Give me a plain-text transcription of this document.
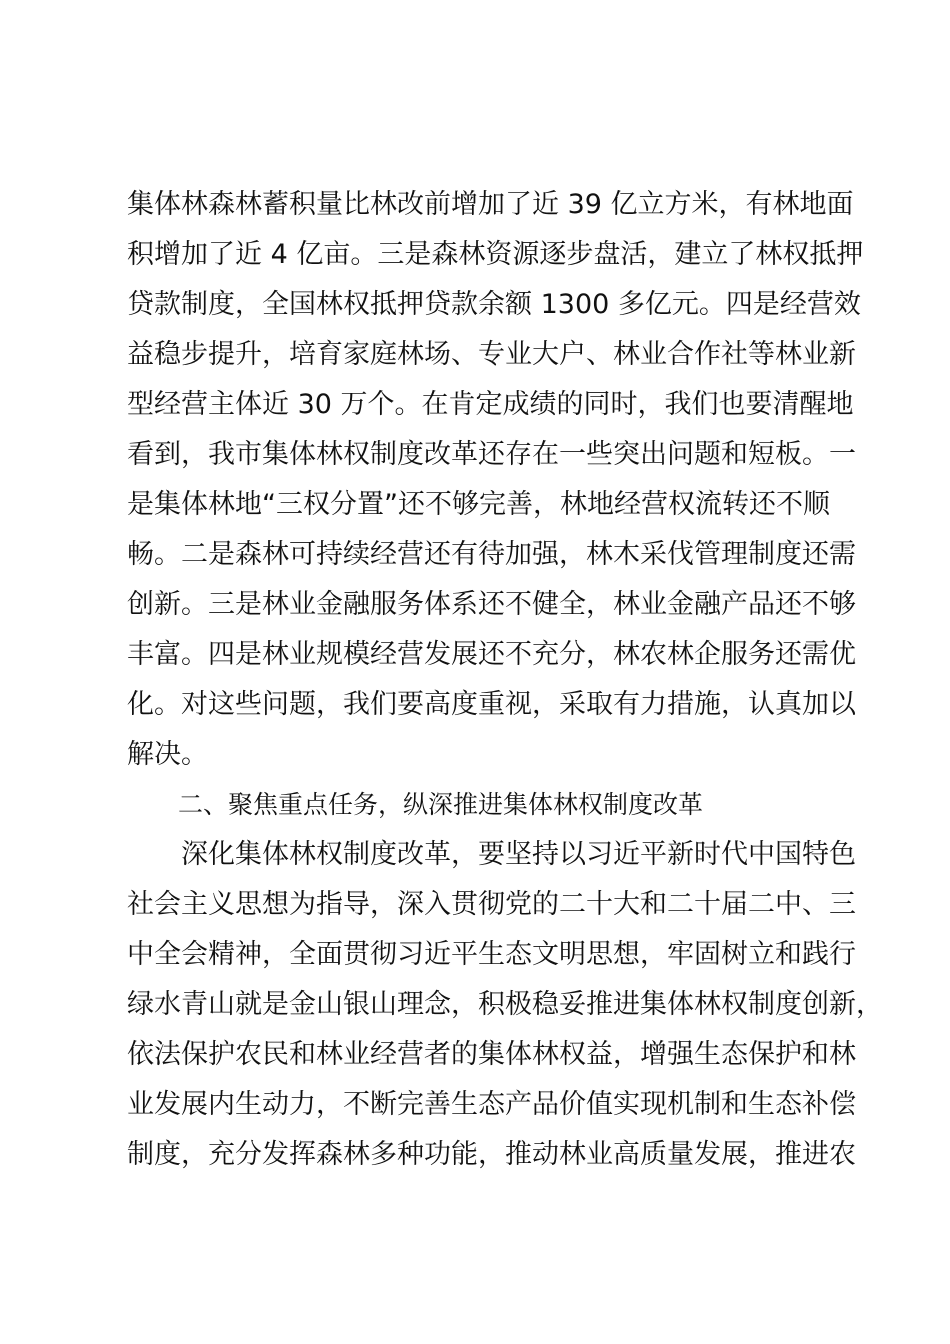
集体林森林蓄积量比林改前增加了近 39 亿立方米，有林地面
积增加了近 4 亿亩。三是森林资源逐步盘活，建立了林权抵押
贷款制度，全国林权抵押贷款余额 1300 多亿元。四是经营效
益稳步提升，培育家庭林场、专业大户、林业合作社等林业新
型经营主体近 30 万个。在肯定成绩的同时，我们也要清醒地
看到，我市集体林权制度改革还存在一些突出问题和短板。一
是集体林地“三权分置”还不够完善，林地经营权流转还不顺
畅。二是森林可持续经营还有待加强，林木采伐管理制度还需
创新。三是林业金融服务体系还不健全，林业金融产品还不够
丰富。四是林业规模经营发展还不充分，林农林企服务还需优
化。对这些问题，我们要高度重视，采取有力措施，认真加以
解决。
二、聚焦重点任务，纵深推进集体林权制度改革
深化集体林权制度改革，要坚持以习近平新时代中国特色
社会主义思想为指导，深入贯彻党的二十大和二十届二中、三
中全会精神，全面贯彻习近平生态文明思想，牢固树立和践行
绿水青山就是金山银山理念，积极稳妥推进集体林权制度创新，
依法保护农民和林业经营者的集体林权益，增强生态保护和林
业发展内生动力，不断完善生态产品价值实现机制和生态补偿
制度，充分发挥森林多种功能，推动林业高质量发展，推进农
